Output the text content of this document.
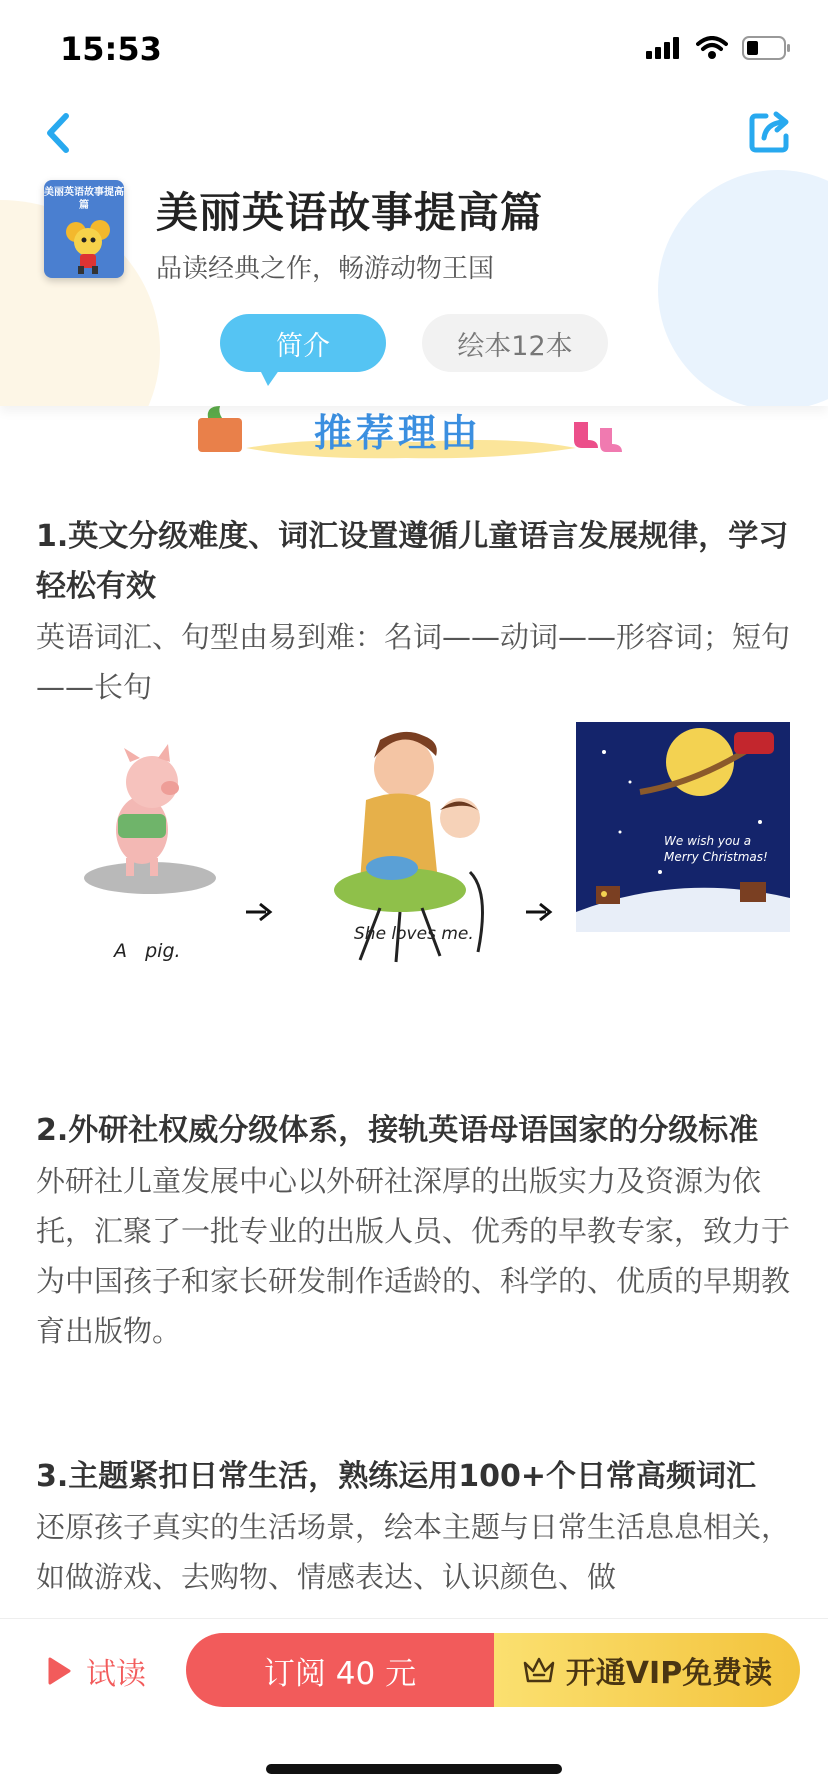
15:53
美丽英语故事提高篇	美丽英语故事提高篇
品读经典之作，畅游动物王国
简介	绘本12本
推荐理由
1.英文分级难度、词汇设置遵循儿童语言发展规律，学习轻松有效
英语词汇、句型由易到难：名词——动词——形容词；短句——长句
A   pig.
She loves me.
We wish you a
Merry Christmas!
2.外研社权威分级体系，接轨英语母语国家的分级标准
外研社儿童发展中心以外研社深厚的出版实力及资源为依托，汇聚了一批专业的出版人员、优秀的早教专家，致力于为中国孩子和家长研发制作适龄的、科学的、优质的早期教育出版物。
3.主题紧扣日常生活，熟练运用100+个日常高频词汇
还原孩子真实的生活场景，绘本主题与日常生活息息相关，如做游戏、去购物、情感表达、认识颜色、做
试读	订阅 40 元	开通VIP免费读
